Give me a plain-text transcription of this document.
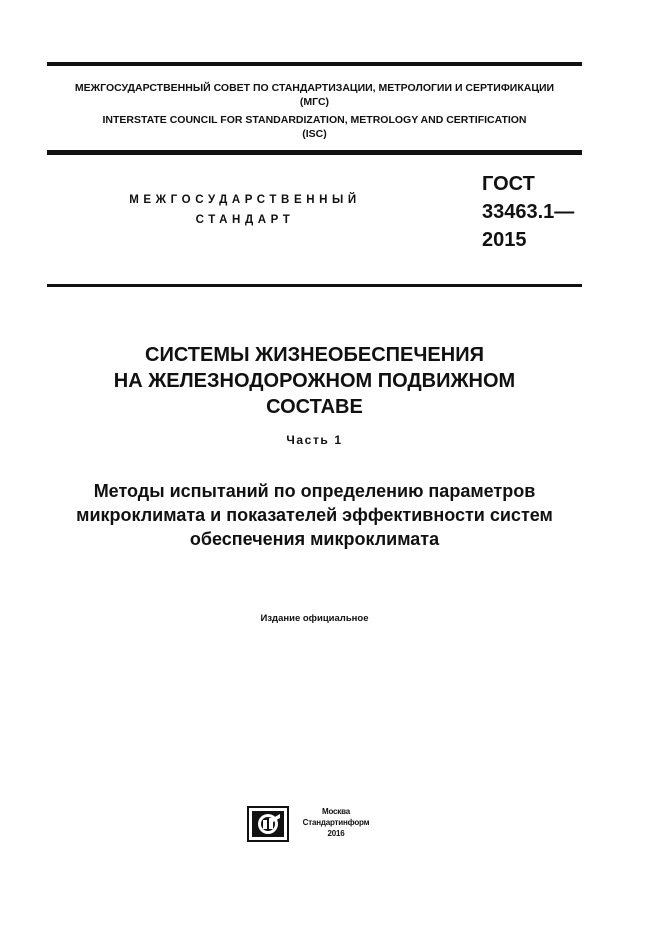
МЕЖГОСУДАРСТВЕННЫЙ СОВЕТ ПО СТАНДАРТИЗАЦИИ, МЕТРОЛОГИИ И СЕРТИФИКАЦИИ
(МГС)
INTERSTATE COUNCIL FOR STANDARDIZATION, METROLOGY AND CERTIFICATION
(ISC)
МЕЖГОСУДАРСТВЕННЫЙ
СТАНДАРТ
ГОСТ
33463.1—
2015
СИСТЕМЫ ЖИЗНЕОБЕСПЕЧЕНИЯ
НА ЖЕЛЕЗНОДОРОЖНОМ ПОДВИЖНОМ
СОСТАВЕ
Часть 1
Методы испытаний по определению параметров
микроклимата и показателей эффективности систем
обеспечения микроклимата
Издание официальное
Москва
Стандартинформ
2016
